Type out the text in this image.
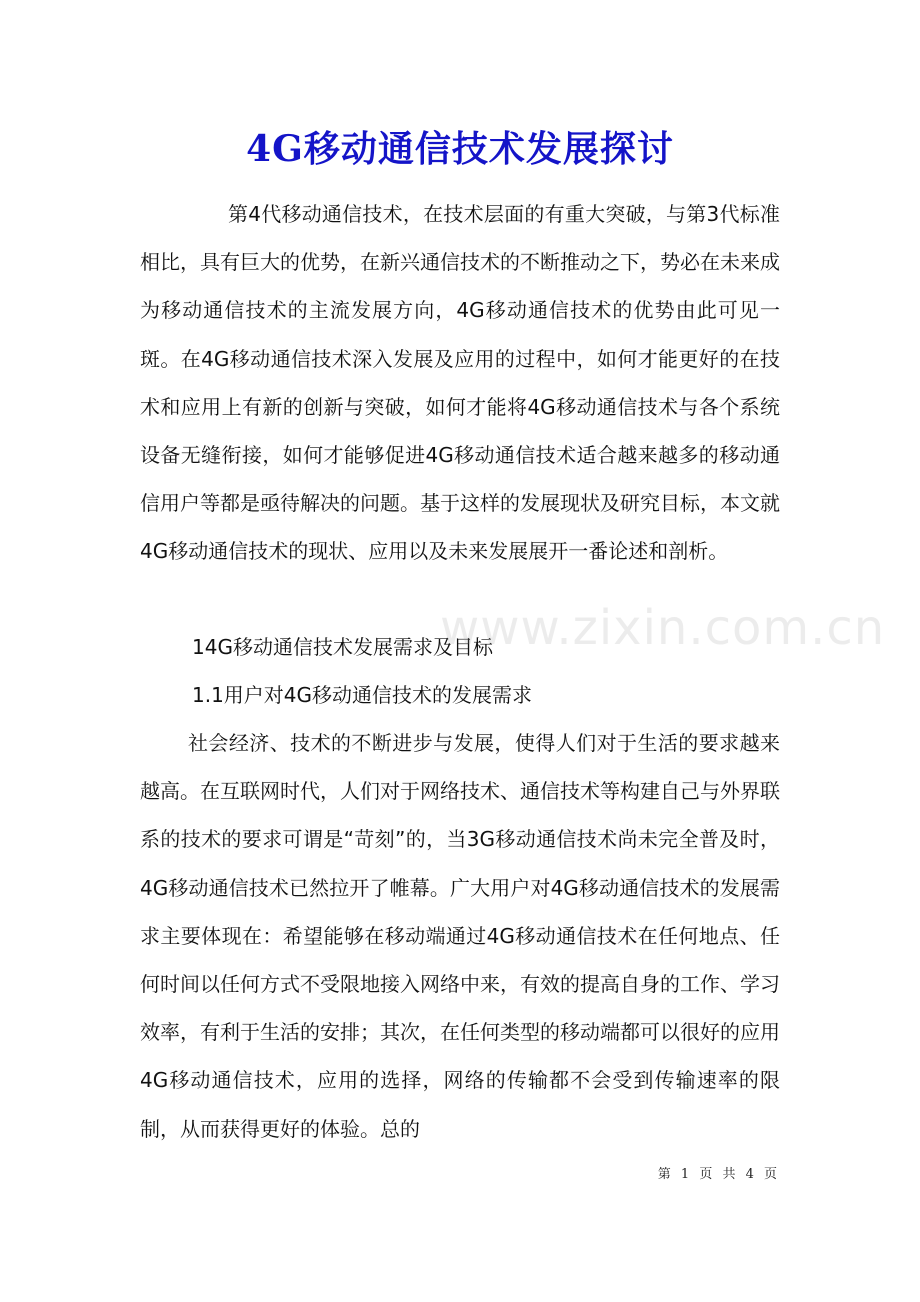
4G移动通信技术发展探讨

第4代移动通信技术，在技术层面的有重大突破，与第3代标准相比，具有巨大的优势，在新兴通信技术的不断推动之下，势必在未来成为移动通信技术的主流发展方向，4G移动通信技术的优势由此可见一斑。在4G移动通信技术深入发展及应用的过程中，如何才能更好的在技术和应用上有新的创新与突破，如何才能将4G移动通信技术与各个系统设备无缝衔接，如何才能够促进4G移动通信技术适合越来越多的移动通信用户等都是亟待解决的问题。基于这样的发展现状及研究目标，本文就4G移动通信技术的现状、应用以及未来发展展开一番论述和剖析。

14G移动通信技术发展需求及目标

1.1用户对4G移动通信技术的发展需求

社会经济、技术的不断进步与发展，使得人们对于生活的要求越来越高。在互联网时代，人们对于网络技术、通信技术等构建自己与外界联系的技术的要求可谓是“苛刻”的，当3G移动通信技术尚未完全普及时，4G移动通信技术已然拉开了帷幕。广大用户对4G移动通信技术的发展需求主要体现在：希望能够在移动端通过4G移动通信技术在任何地点、任何时间以任何方式不受限地接入网络中来，有效的提高自身的工作、学习效率，有利于生活的安排；其次，在任何类型的移动端都可以很好的应用4G移动通信技术，应用的选择，网络的传输都不会受到传输速率的限制，从而获得更好的体验。总的

www.zixin.com.cn
第 1 页 共 4 页
